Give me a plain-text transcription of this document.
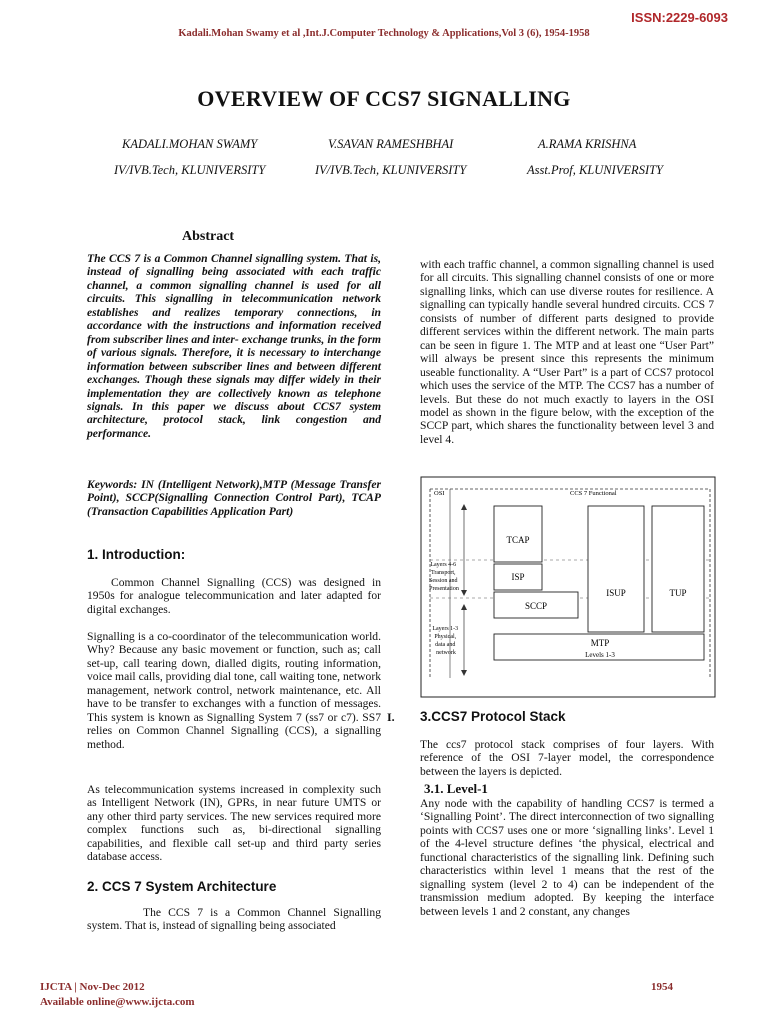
ISSN:2229-6093
Kadali.Mohan Swamy et al ,Int.J.Computer Technology & Applications,Vol 3 (6), 1954-1958
OVERVIEW OF CCS7 SIGNALLING
KADALI.MOHAN SWAMY	V.SAVAN RAMESHBHAI	A.RAMA KRISHNA
IV/IVB.Tech, KLUNIVERSITY	IV/IVB.Tech, KLUNIVERSITY	Asst.Prof, KLUNIVERSITY
Abstract

The CCS 7 is a Common Channel signalling system. That is, instead of signalling being associated with each traffic channel, a common signalling channel is used for all circuits. This signalling in telecommunication network establishes and realizes temporary connections, in accordance with the instructions and information received from subscriber lines and inter- exchange trunks, in the form of various signals. Therefore, it is necessary to interchange information between subscriber lines and between different exchanges. Though these signals may differ widely in their implementation they are collectively known as telephone signals. In this paper we discuss about CCS7 system architecture, protocol stack, link congestion and performance.

Keywords: IN (Intelligent Network),MTP (Message Transfer Point), SCCP(Signalling Connection Control Part), TCAP (Transaction Capabilities Application Part)

1. Introduction:

Common Channel Signalling (CCS) was designed in 1950s for analogue telecommunication and later adapted for digital exchanges.

Signalling is a co-coordinator of the telecommunication world. Why? Because any basic movement or function, such as; call set-up, call tearing down, dialled digits, routing information, voice mail calls, providing dial tone, call waiting tone, network management, network control, network maintenance, etc. All have to be transfer to exchanges with a function of messages. This system is known as Signalling System 7 (ss7 or c7). SS7 relies on Common Channel Signalling (CCS), a signalling method.

As telecommunication systems increased in complexity such as Intelligent Network (IN), GPRs, in near future UMTS or any other third party services. The new services required more complex functions such as, bi-directional signalling capabilities, and flexible call set-up and third party series database access.

2. CCS 7 System Architecture

The CCS 7 is a Common Channel Signalling system. That is, instead of signalling being associated

with each traffic channel, a common signalling channel is used for all circuits. This signalling channel consists of one or more signalling links, which can use diverse routes for resilience. A signalling can typically handle several hundred circuits. CCS 7 consists of number of different parts designed to provide different services within the different network. The main parts can be seen in figure 1. The MTP and at least one “User Part” will always be present since this represents the minimum useable functionality. A “User Part” is a part of CCS7 protocol which uses the service of the MTP. The CCS7 has a number of levels. But these do not much exactly to layers in the OSI model as shown in the figure below, with the exception of the SCCP part, which shares the functionality between level 3 and level 4.

OSI	CCS 7 Functional
Layers 4-6 Transport, Session and Presentation
Layers 1-3 Physical, data and network
TCAP
ISP
SCCP
ISUP	TUP
MTP
Levels 1-3
I. 3.CCS7 Protocol Stack

The ccs7 protocol stack comprises of four layers. With reference of the OSI 7-layer model, the correspondence between the layers is depicted.

3.1. Level-1

Any node with the capability of handling CCS7 is termed a ‘Signalling Point’. The direct interconnection of two signalling points with CCS7 uses one or more ‘signalling links’. Level 1 of the 4-level structure defines ‘the physical, electrical and functional characteristics of the signalling link. Defining such characteristics within level 1 means that the rest of the signalling system (level 2 to 4) can be independent of the transmission medium adopted. By keeping the interface between levels 1 and 2 constant, any changes

IJCTA | Nov-Dec 2012
Available online@www.ijcta.com
1954
